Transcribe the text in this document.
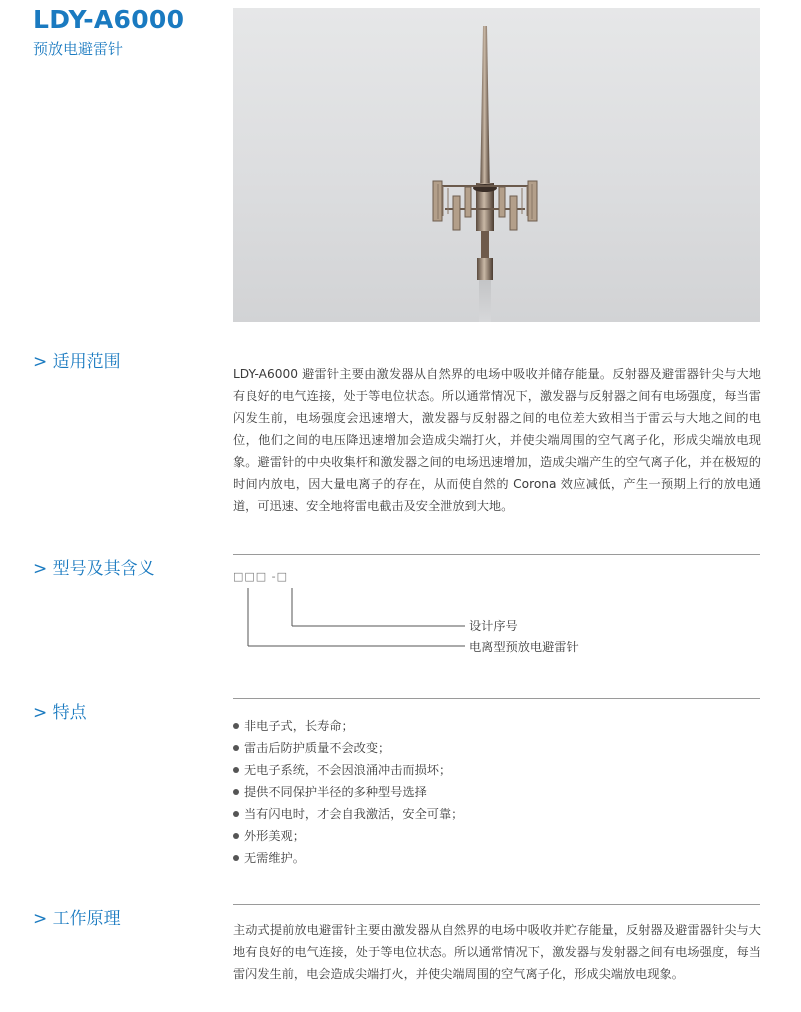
LDY-A6000
预放电避雷针
> 适用范围
LDY-A6000 避雷针主要由激发器从自然界的电场中吸收并储存能量。反射器及避雷器针尖与大地有良好的电气连接，处于等电位状态。所以通常情况下，激发器与反射器之间有电场强度，每当雷闪发生前，电场强度会迅速增大，激发器与反射器之间的电位差大致相当于雷云与大地之间的电位，他们之间的电压降迅速增加会造成尖端打火，并使尖端周围的空气离子化，形成尖端放电现象。避雷针的中央收集杆和激发器之间的电场迅速增加，造成尖端产生的空气离子化，并在极短的时间内放电，因大量电离子的存在，从而使自然的 Corona 效应减低，产生一预期上行的放电通道，可迅速、安全地将雷电截击及安全泄放到大地。
> 型号及其含义	□□□ -□
设计序号
电离型预放电避雷针
> 特点
非电子式，长寿命；
雷击后防护质量不会改变；
无电子系统，不会因浪涌冲击而损坏；
提供不同保护半径的多种型号选择
当有闪电时，才会自我激活，安全可靠；
外形美观；
无需维护。
> 工作原理
主动式提前放电避雷针主要由激发器从自然界的电场中吸收并贮存能量，反射器及避雷器针尖与大地有良好的电气连接，处于等电位状态。所以通常情况下，激发器与发射器之间有电场强度，每当雷闪发生前，电会造成尖端打火，并使尖端周围的空气离子化，形成尖端放电现象。
